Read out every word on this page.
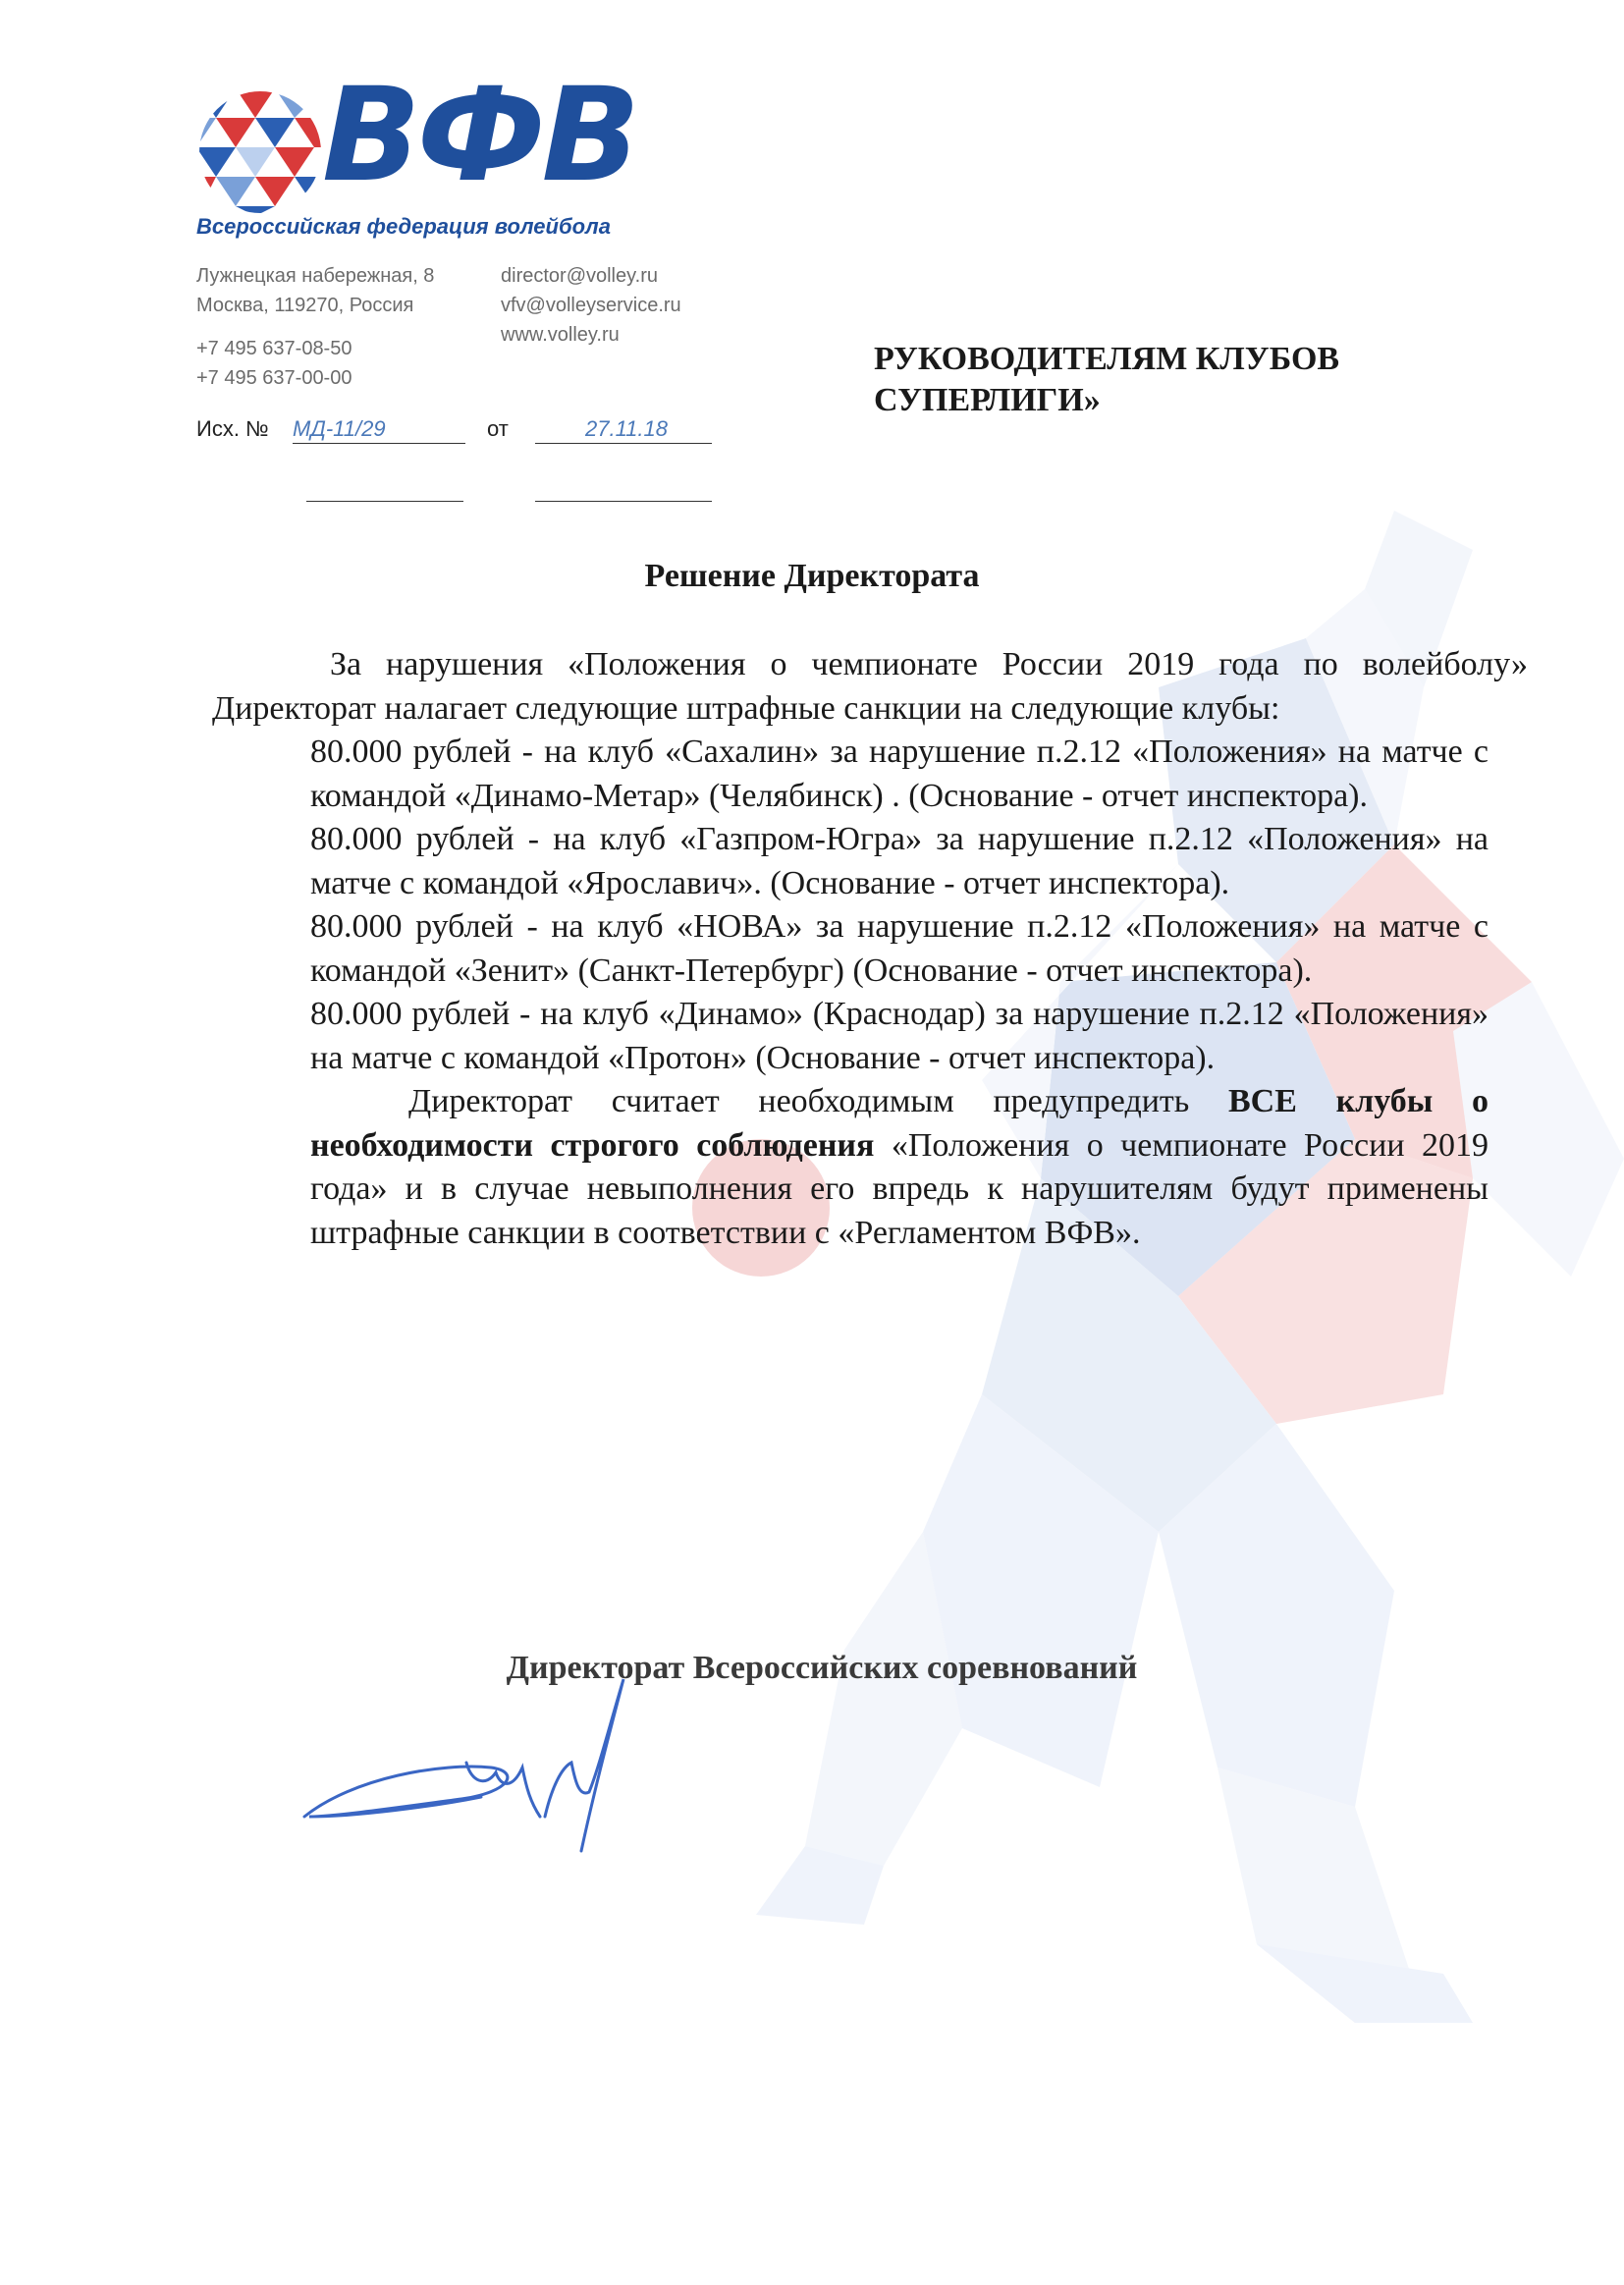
ВФВ
Всероссийская федерация волейбола
Лужнецкая набережная, 8
Москва, 119270, Россия
+7 495 637-08-50
+7 495 637-00-00
director@volley.ru
vfv@volleyservice.ru
www.volley.ru
Исх. № МД-11/29	от	27.11.18
РУКОВОДИТЕЛЯМ КЛУБОВ
СУПЕРЛИГИ»
Решение Директората

За нарушения «Положения о чемпионате России 2019 года по волейболу» Директорат налагает следующие штрафные санкции на следующие клубы:

80.000 рублей - на клуб «Сахалин» за нарушение п.2.12 «Положения» на матче с командой «Динамо-Метар» (Челябинск) . (Основание - отчет инспектора).

80.000 рублей - на клуб «Газпром-Югра» за нарушение п.2.12 «Положения» на матче с командой «Ярославич». (Основание - отчет инспектора).

80.000 рублей - на клуб «НОВА» за нарушение п.2.12 «Положения» на матче с командой «Зенит» (Санкт-Петербург) (Основание - отчет инспектора).

80.000 рублей - на клуб «Динамо» (Краснодар) за нарушение п.2.12 «Положения» на матче с командой «Протон» (Основание - отчет инспектора).

Директорат считает необходимым предупредить ВСЕ клубы о необходимости строгого соблюдения «Положения о чемпионате России 2019 года» и в случае невыполнения его впредь к нарушителям будут применены штрафные санкции в соответствии с «Регламентом ВФВ».

Директорат Всероссийских соревнований
